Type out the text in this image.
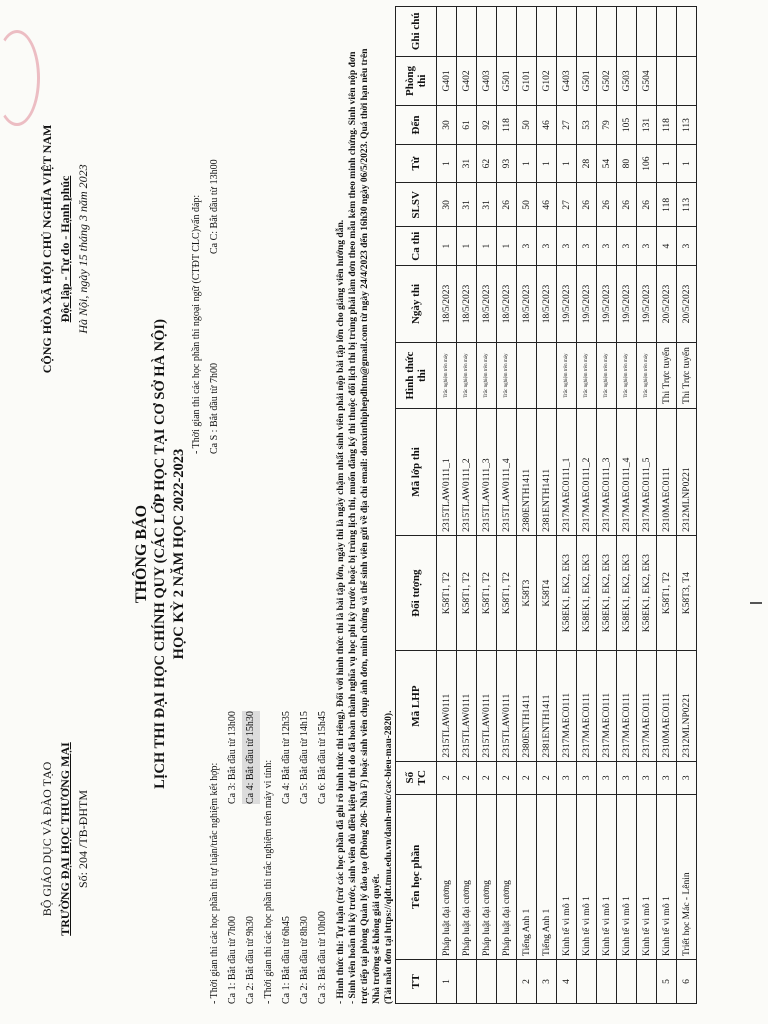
BỘ GIÁO DỤC VÀ ĐÀO TẠO TRƯỜNG ĐẠI HỌC THƯƠNG MẠI Số: 204 /TB-ĐHTM
CỘNG HÒA XÃ HỘI CHỦ NGHĨA VIỆT NAM Độc lập - Tự do - Hạnh phúc Hà Nội, ngày 15 tháng 3 năm 2023
THÔNG BÁO LỊCH THI ĐẠI HỌC CHÍNH QUY (CÁC LỚP HỌC TẠI CƠ SỞ HÀ NỘI) HỌC KỲ 2 NĂM HỌC 2022-2023
- Thời gian thi các học phần thi tự luận/trắc nghiệm kết hợp: Ca 1: Bắt đầu từ 7h00
Ca 3: Bắt đầu từ 13h00
Ca 2: Bắt đầu từ 9h30
Ca 4: Bắt đầu từ 15h30
- Thời gian thi các học phần thi trắc nghiệm trên máy vi tính: Ca 1: Bắt đầu từ 6h45
Ca 4: Bắt đầu từ 12h35
Ca 2: Bắt đầu từ 8h30
Ca 5: Bắt đầu từ 14h15
Ca 3: Bắt đầu từ 10h00
Ca 6: Bắt đầu từ 15h45
- Thời gian thi các học phần thi ngoại ngữ (CTĐT CLC)vấn đáp: Ca S : Bắt đầu từ 7h00
Ca C: Bắt đầu từ 13h00
- Hình thức thi: Tự luận (trừ các học phần đã ghi rõ hình thức thi riêng). Đối với hình thức thi là bài tập lớn, ngày thi là ngày chậm nhất sinh viên phải nộp bài tập lớn cho giảng viên hướng dẫn. - Sinh viên hoãn thi kỳ trước, sinh viên đủ điều kiện dự thi do đã hoàn thành nghĩa vụ học phí kỳ trước hoặc bị trùng lịch thi, muốn đăng ký thi thuộc đối lịch thi bị trùng phải làm đơn theo mẫu kèm theo minh chứng. Sinh viên nộp đơn trực tiếp tại phòng Quản lý đào tạo (Phòng 206- Nhà F) hoặc sinh viên chụp ảnh đơn, minh chứng và thể sinh viên gửi về địa chỉ email: donxinthiphepdhtm@gmail.com từ ngày 24/4/2023 đến 16h30 ngày 06/5/2023. Quá thời hạn nêu trên Nhà trường sẽ không giải quyết. (Tải mẫu đơn tại https://qldt.tmu.edu.vn/danh-muc/cac-bieu-mau-2820). TT	Tên học phần	Số TC	Mã LHP	Đối tượng	Mã lớp thi	Hình thức thi	Ngày thi	Ca thi	SLSV	Từ	Đến	Phòng thi	Ghi chú
1	Pháp luật đại cương	2	2315TLAW0111	K58T1, T2	2315TLAW0111_1	Trắc nghiệm trên máy	18/5/2023	1	30	1	30	G401	
	Pháp luật đại cương	2	2315TLAW0111	K58T1, T2	2315TLAW0111_2	Trắc nghiệm trên máy	18/5/2023	1	31	31	61	G402	
	Pháp luật đại cương	2	2315TLAW0111	K58T1, T2	2315TLAW0111_3	Trắc nghiệm trên máy	18/5/2023	1	31	62	92	G403	
	Pháp luật đại cương	2	2315TLAW0111	K58T1, T2	2315TLAW0111_4	Trắc nghiệm trên máy	18/5/2023	1	26	93	118	G501	
2	Tiếng Anh 1	2	2380ENTH1411	K58T3	2380ENTH1411		18/5/2023	3	50	1	50	G101	
3	Tiếng Anh 1	2	2381ENTH1411	K58T4	2381ENTH1411		18/5/2023	3	46	1	46	G102	
4	Kinh tế vi mô 1	3	2317MAEC0111	K58EK1, EK2, EK3	2317MAEC0111_1	Trắc nghiệm trên máy	19/5/2023	3	27	1	27	G403	
	Kinh tế vi mô 1	3	2317MAEC0111	K58EK1, EK2, EK3	2317MAEC0111_2	Trắc nghiệm trên máy	19/5/2023	3	26	28	53	G501	
	Kinh tế vi mô 1	3	2317MAEC0111	K58EK1, EK2, EK3	2317MAEC0111_3	Trắc nghiệm trên máy	19/5/2023	3	26	54	79	G502	
	Kinh tế vi mô 1	3	2317MAEC0111	K58EK1, EK2, EK3	2317MAEC0111_4	Trắc nghiệm trên máy	19/5/2023	3	26	80	105	G503	
	Kinh tế vi mô 1	3	2317MAEC0111	K58EK1, EK2, EK3	2317MAEC0111_5	Trắc nghiệm trên máy	19/5/2023	3	26	106	131	G504	
5	Kinh tế vi mô 1	3	2310MAEC0111	K58T1, T2	2310MAEC0111	Thi Trực tuyến	20/5/2023	4	118	1	118		
6	Triết học Mác - Lênin	3	2312MLNP0221	K58T3, T4	2312MLNP0221	Thi Trực tuyến	20/5/2023	3	113	1	113		
